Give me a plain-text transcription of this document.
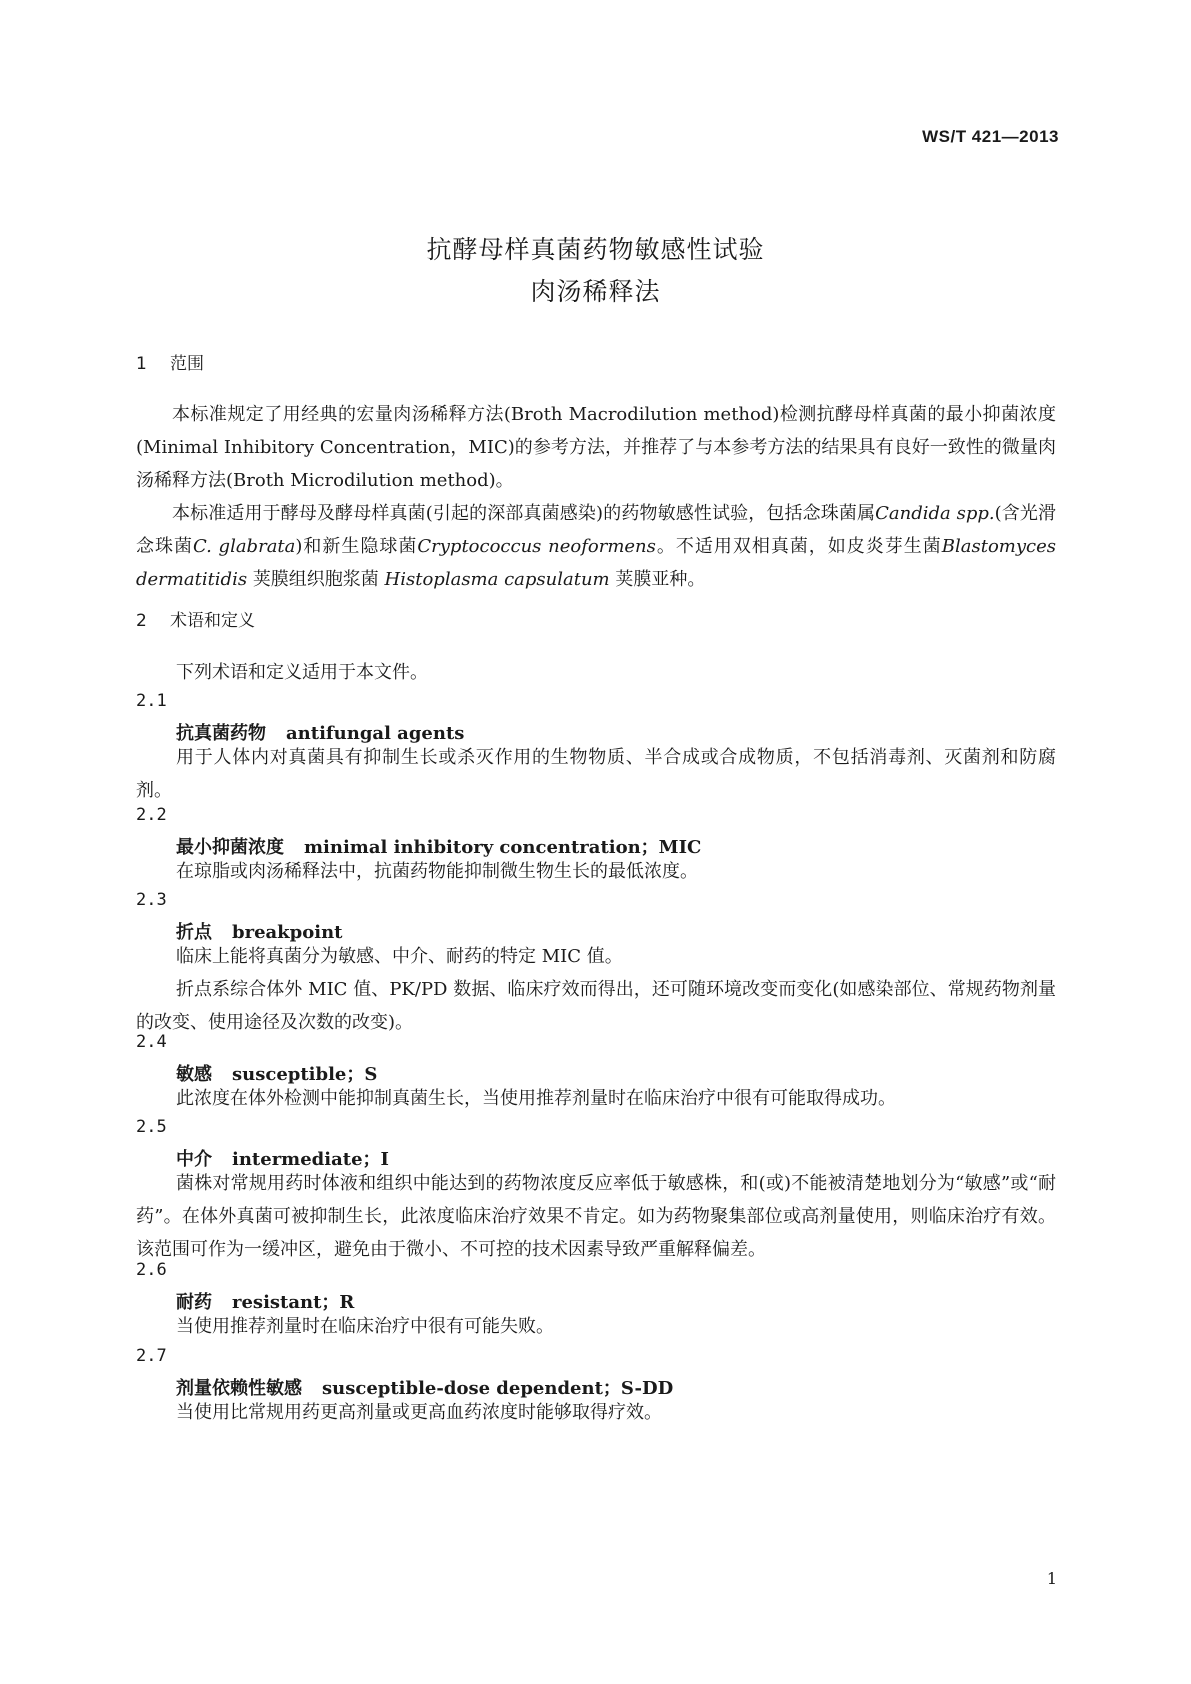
WS/T 421—2013
抗酵母样真菌药物敏感性试验
肉汤稀释法
1 范围

本标准规定了用经典的宏量肉汤稀释方法(Broth Macrodilution method)检测抗酵母样真菌的最小抑菌浓度(Minimal Inhibitory Concentration，MIC)的参考方法，并推荐了与本参考方法的结果具有良好一致性的微量肉汤稀释方法(Broth Microdilution method)。

本标准适用于酵母及酵母样真菌(引起的深部真菌感染)的药物敏感性试验，包括念珠菌属Candida spp.(含光滑念珠菌C. glabrata)和新生隐球菌Cryptococcus neoformens。不适用双相真菌，如皮炎芽生菌Blastomyces dermatitidis 荚膜组织胞浆菌 Histoplasma capsulatum 荚膜亚种。

2 术语和定义

下列术语和定义适用于本文件。

2.1
抗真菌药物 antifungal agents

用于人体内对真菌具有抑制生长或杀灭作用的生物物质、半合成或合成物质，不包括消毒剂、灭菌剂和防腐剂。

2.2
最小抑菌浓度 minimal inhibitory concentration；MIC

在琼脂或肉汤稀释法中，抗菌药物能抑制微生物生长的最低浓度。

2.3
折点 breakpoint

临床上能将真菌分为敏感、中介、耐药的特定 MIC 值。

折点系综合体外 MIC 值、PK/PD 数据、临床疗效而得出，还可随环境改变而变化(如感染部位、常规药物剂量的改变、使用途径及次数的改变)。

2.4
敏感 susceptible；S

此浓度在体外检测中能抑制真菌生长，当使用推荐剂量时在临床治疗中很有可能取得成功。

2.5
中介 intermediate；I

菌株对常规用药时体液和组织中能达到的药物浓度反应率低于敏感株，和(或)不能被清楚地划分为“敏感”或“耐药”。在体外真菌可被抑制生长，此浓度临床治疗效果不肯定。如为药物聚集部位或高剂量使用，则临床治疗有效。该范围可作为一缓冲区，避免由于微小、不可控的技术因素导致严重解释偏差。

2.6
耐药 resistant；R

当使用推荐剂量时在临床治疗中很有可能失败。

2.7
剂量依赖性敏感 susceptible-dose dependent；S-DD

当使用比常规用药更高剂量或更高血药浓度时能够取得疗效。

1
